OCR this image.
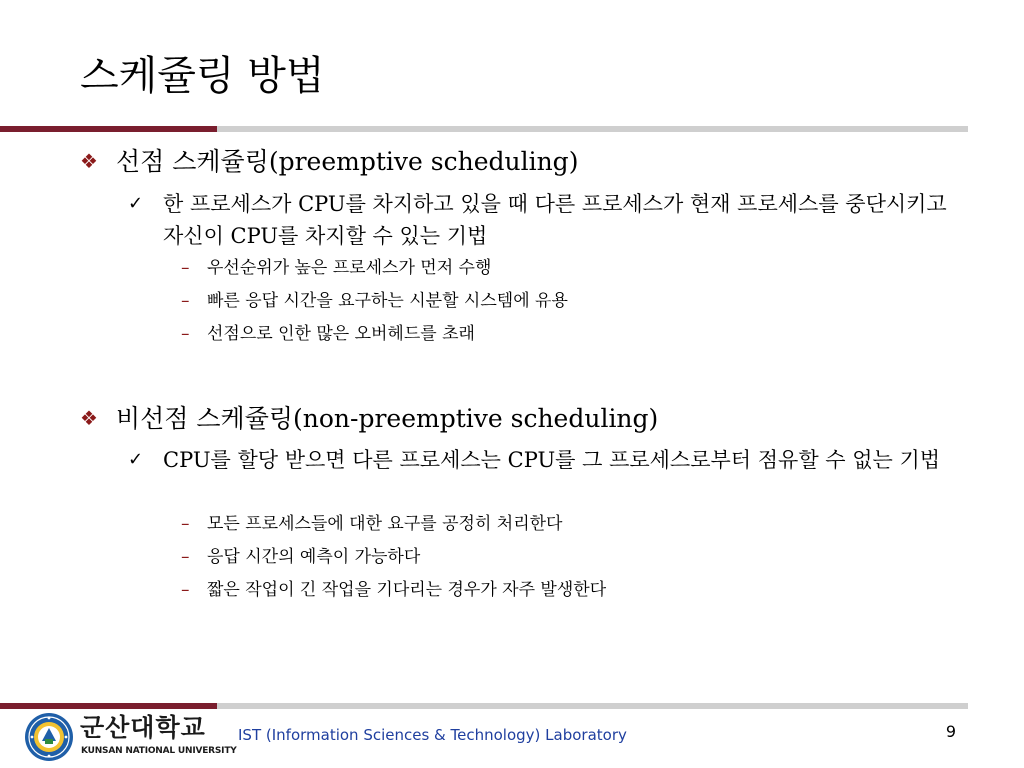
스케쥴링 방법
❖ 선점 스케쥴링(preemptive scheduling)
✓ 한 프로세스가 CPU를 차지하고 있을 때 다른 프로세스가 현재 프로세스를 중단시키고 자신이 CPU를 차지할 수 있는 기법
– 우선순위가 높은 프로세스가 먼저 수행
– 빠른 응답 시간을 요구하는 시분할 시스템에 유용
– 선점으로 인한 많은 오버헤드를 초래
❖ 비선점 스케쥴링(non-preemptive scheduling)
✓ CPU를 할당 받으면 다른 프로세스는 CPU를 그 프로세스로부터 점유할 수 없는 기법
– 모든 프로세스들에 대한 요구를 공정히 처리한다
– 응답 시간의 예측이 가능하다
– 짧은 작업이 긴 작업을 기다리는 경우가 자주 발생한다
군산대학교
KUNSAN NATIONAL UNIVERSITY
IST (Information Sciences & Technology) Laboratory	9
